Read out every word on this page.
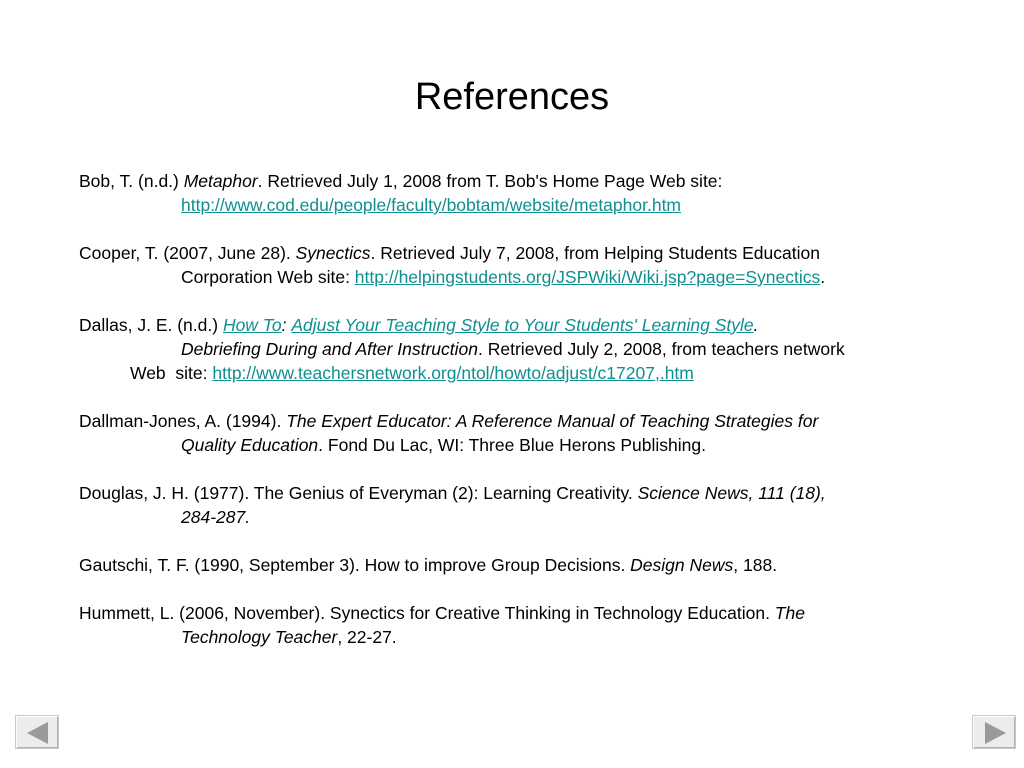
References
Bob, T. (n.d.) Metaphor. Retrieved July 1, 2008 from T. Bob's Home Page Web site:
http://www.cod.edu/people/faculty/bobtam/website/metaphor.htm
Cooper, T. (2007, June 28). Synectics. Retrieved July 7, 2008, from Helping Students Education
Corporation Web site: http://helpingstudents.org/JSPWiki/Wiki.jsp?page=Synectics.
Dallas, J. E. (n.d.) How To: Adjust Your Teaching Style to Your Students' Learning Style.
Debriefing During and After Instruction. Retrieved July 2, 2008, from teachers network
Web  site: http://www.teachersnetwork.org/ntol/howto/adjust/c17207,.htm
Dallman-Jones, A. (1994). The Expert Educator: A Reference Manual of Teaching Strategies for
Quality Education. Fond Du Lac, WI: Three Blue Herons Publishing.
Douglas, J. H. (1977). The Genius of Everyman (2): Learning Creativity. Science News, 111 (18),
284-287.
Gautschi, T. F. (1990, September 3). How to improve Group Decisions. Design News, 188.
Hummett, L. (2006, November). Synectics for Creative Thinking in Technology Education. The
Technology Teacher, 22-27.
